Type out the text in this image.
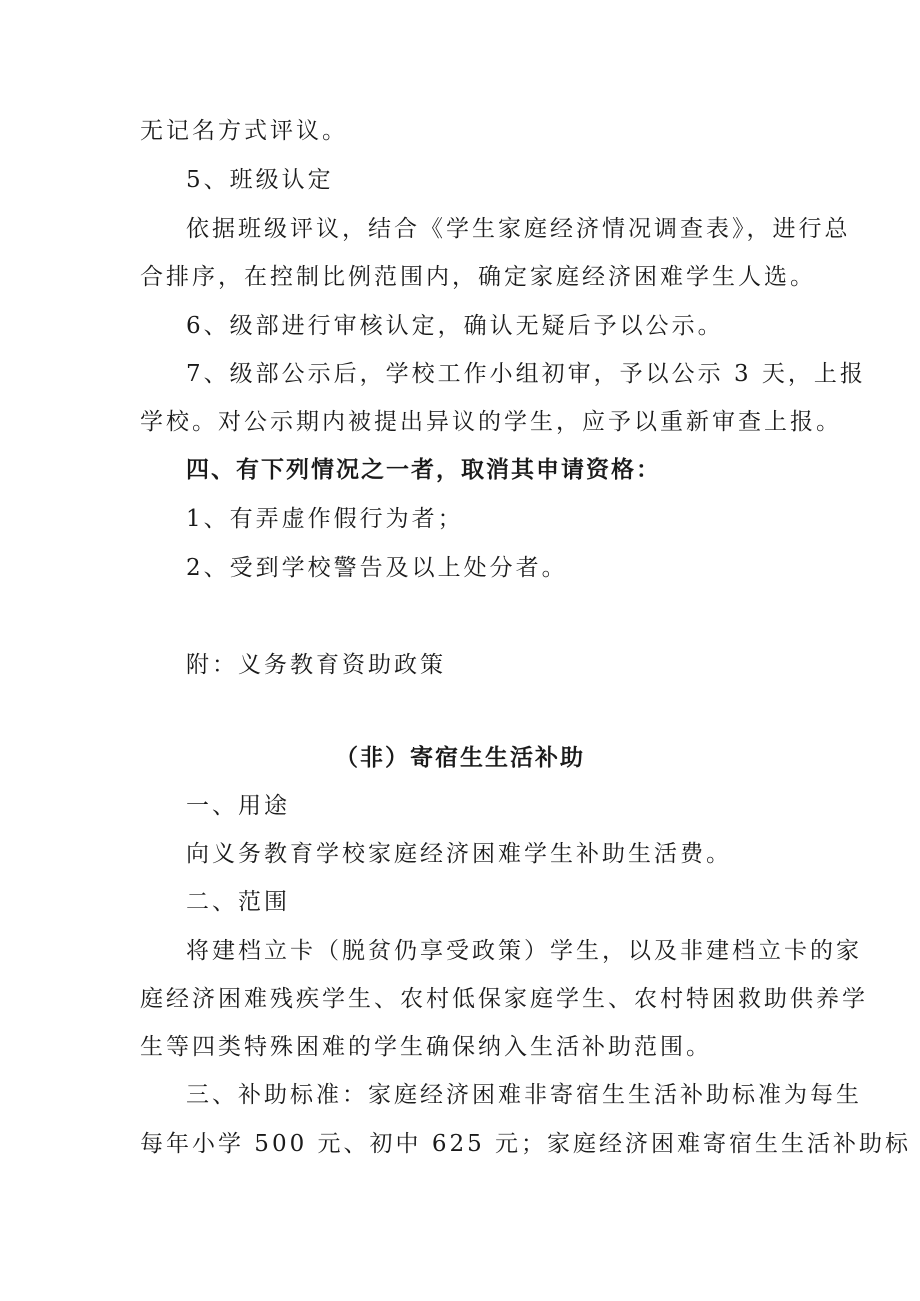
无记名方式评议。
5、班级认定
依据班级评议，结合《学生家庭经济情况调查表》，进行总
合排序，在控制比例范围内，确定家庭经济困难学生人选。
6、级部进行审核认定，确认无疑后予以公示。
7、级部公示后，学校工作小组初审，予以公示 3 天，上报
学校。对公示期内被提出异议的学生，应予以重新审查上报。
四、有下列情况之一者，取消其申请资格：
1、有弄虚作假行为者；
2、受到学校警告及以上处分者。
附：义务教育资助政策
（非）寄宿生生活补助
一、用途
向义务教育学校家庭经济困难学生补助生活费。
二、范围
将建档立卡（脱贫仍享受政策）学生，以及非建档立卡的家
庭经济困难残疾学生、农村低保家庭学生、农村特困救助供养学
生等四类特殊困难的学生确保纳入生活补助范围。
三、补助标准：家庭经济困难非寄宿生生活补助标准为每生
每年小学 500 元、初中 625 元；家庭经济困难寄宿生生活补助标
